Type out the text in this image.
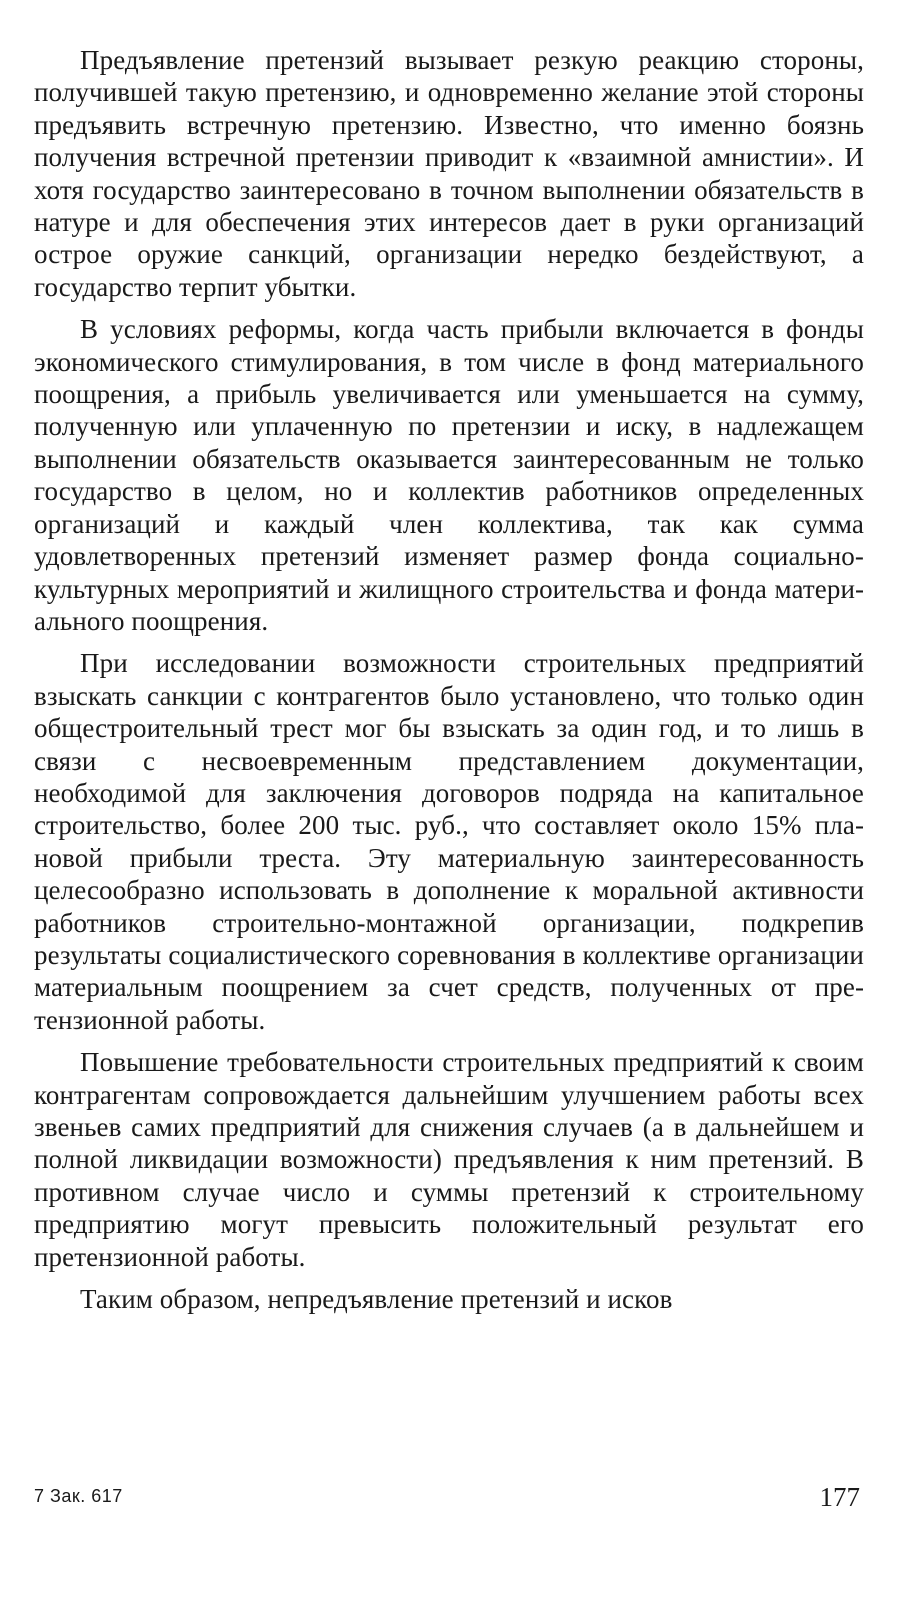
Предъявление претензий вызывает резкую реакцию стороны, получившей такую претензию, и одновременно желание этой стороны предъявить встречную претензию. Известно, что именно боязнь получения встречной претензии приводит к «взаимной амнистии». И хотя государство заинтересовано в точном выполнении обязательств в натуре и для обеспечения этих интересов дает в руки организаций острое оружие санкций, организации нередко бездействуют, а государство терпит убытки.

В условиях реформы, когда часть прибыли включается в фонды экономического стимулирования, в том числе в фонд материального поощрения, а прибыль увеличивается или уменьшается на сумму, полученную или уплаченную по претензии и иску, в надлежащем выполнении обязательств оказывается заинтересованным не только государство в целом, но и коллектив работников определенных организаций и каждый член коллектива, так как сумма удовлетворенных претензий изменяет размер фонда социально-культурных мероприятий и жилищного строительства и фонда материального поощрения.

При исследовании возможности строительных предприятий взыскать санкции с контрагентов было установлено, что только один общестроительный трест мог бы взыскать за один год, и то лишь в связи с несвоевременным представлением документации, необходимой для заключения договоров подряда на капитальное строительство, более 200 тыс. руб., что составляет около 15% плановой прибыли треста. Эту материальную заинтересованность целесообразно использовать в дополнение к моральной активности работников строительно-монтажной организации, подкрепив результаты социалистического соревнования в коллективе организации материальным поощрением за счет средств, полученных от претензионной работы.

Повышение требовательности строительных предприятий к своим контрагентам сопровождается дальнейшим улучшением работы всех звеньев самих предприятий для снижения случаев (а в дальнейшем и полной ликвидации возможности) предъявления к ним претензий. В противном случае число и суммы претензий к строительному предприятию могут превысить положительный результат его претензионной работы.

Таким образом, непредъявление претензий и исков

7 Зак. 617	177
